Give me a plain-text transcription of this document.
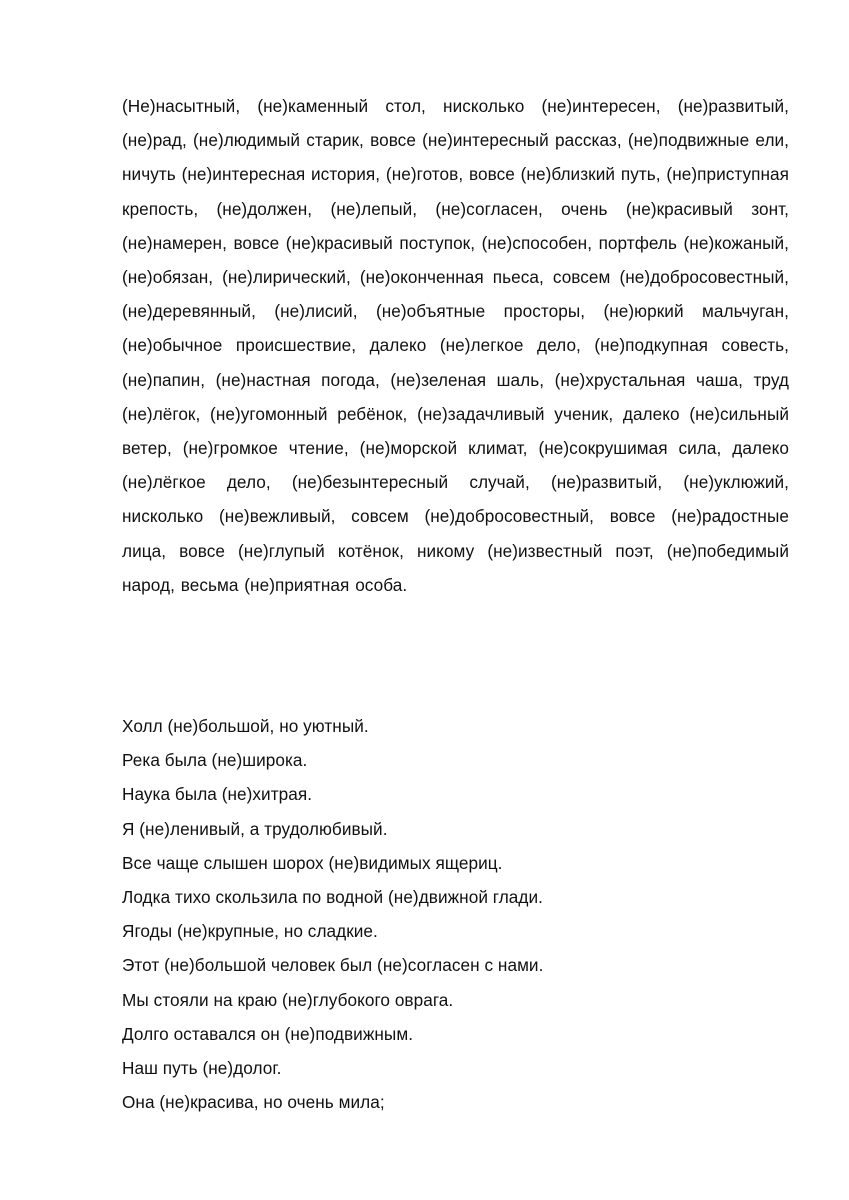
(Не)насытный, (не)каменный стол, нисколько (не)интересен, (не)развитый, (не)рад, (не)людимый старик, вовсе (не)интересный рассказ, (не)подвижные ели, ничуть (не)интересная история, (не)готов, вовсе (не)близкий путь, (не)приступная крепость, (не)должен, (не)лепый, (не)согласен, очень (не)красивый зонт, (не)намерен, вовсе (не)красивый поступок, (не)способен, портфель (не)кожаный, (не)обязан, (не)лирический, (не)оконченная пьеса, совсем (не)добросовестный, (не)деревянный, (не)лисий, (не)объятные просторы, (не)юркий мальчуган, (не)обычное происшествие, далеко (не)легкое дело, (не)подкупная совесть, (не)папин, (не)настная погода, (не)зеленая шаль, (не)хрустальная чаша, труд (не)лёгок, (не)угомонный ребёнок, (не)задачливый ученик, далеко (не)сильный ветер, (не)громкое чтение, (не)морской климат, (не)сокрушимая сила, далеко (не)лёгкое дело, (не)безынтересный случай, (не)развитый, (не)уклюжий, нисколько (не)вежливый, совсем (не)добросовестный, вовсе (не)радостные лица, вовсе (не)глупый котёнок, никому (не)известный поэт, (не)победимый народ, весьма (не)приятная особа.

Холл (не)большой, но уютный.
Река была (не)широка.
Наука была (не)хитрая.
Я (не)ленивый, а трудолюбивый.
Все чаще слышен шорох (не)видимых ящериц.
Лодка тихо скользила по водной (не)движной глади.
Ягоды (не)крупные, но сладкие.
Этот (не)большой человек был (не)согласен с нами.
Мы стояли на краю (не)глубокого оврага.
Долго оставался он (не)подвижным.
Наш путь (не)долог.
Она (не)красива, но очень мила;
